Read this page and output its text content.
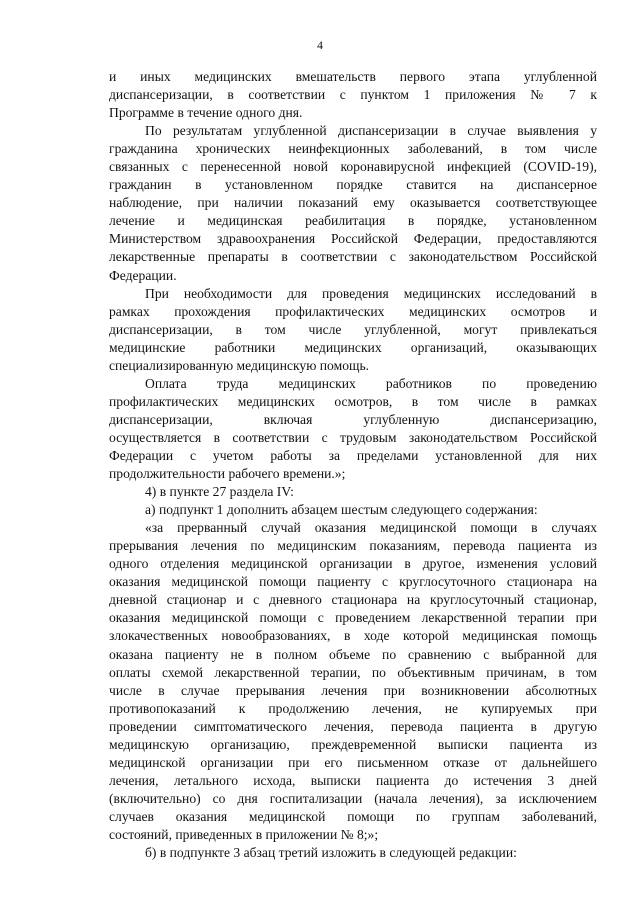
4
и иных медицинских вмешательств первого этапа углубленной
диспансеризации, в соответствии с пунктом 1 приложения № 7 к
Программе в течение одного дня.
По результатам углубленной диспансеризации в случае выявления у
гражданина хронических неинфекционных заболеваний, в том числе
связанных с перенесенной новой коронавирусной инфекцией (COVID-19),
гражданин в установленном порядке ставится на диспансерное
наблюдение, при наличии показаний ему оказывается соответствующее
лечение и медицинская реабилитация в порядке, установленном
Министерством здравоохранения Российской Федерации, предоставляются
лекарственные препараты в соответствии с законодательством Российской
Федерации.
При необходимости для проведения медицинских исследований в
рамках прохождения профилактических медицинских осмотров и
диспансеризации, в том числе углубленной, могут привлекаться
медицинские работники медицинских организаций, оказывающих
специализированную медицинскую помощь.
Оплата труда медицинских работников по проведению
профилактических медицинских осмотров, в том числе в рамках
диспансеризации, включая углубленную диспансеризацию,
осуществляется в соответствии с трудовым законодательством Российской
Федерации с учетом работы за пределами установленной для них
продолжительности рабочего времени.»;
4) в пункте 27 раздела IV:
а) подпункт 1 дополнить абзацем шестым следующего содержания:
«за прерванный случай оказания медицинской помощи в случаях
прерывания лечения по медицинским показаниям, перевода пациента из
одного отделения медицинской организации в другое, изменения условий
оказания медицинской помощи пациенту с круглосуточного стационара на
дневной стационар и с дневного стационара на круглосуточный стационар,
оказания медицинской помощи с проведением лекарственной терапии при
злокачественных новообразованиях, в ходе которой медицинская помощь
оказана пациенту не в полном объеме по сравнению с выбранной для
оплаты схемой лекарственной терапии, по объективным причинам, в том
числе в случае прерывания лечения при возникновении абсолютных
противопоказаний к продолжению лечения, не купируемых при
проведении симптоматического лечения, перевода пациента в другую
медицинскую организацию, преждевременной выписки пациента из
медицинской организации при его письменном отказе от дальнейшего
лечения, летального исхода, выписки пациента до истечения 3 дней
(включительно) со дня госпитализации (начала лечения), за исключением
случаев оказания медицинской помощи по группам заболеваний,
состояний, приведенных в приложении № 8;»;
б) в подпункте 3 абзац третий изложить в следующей редакции:
